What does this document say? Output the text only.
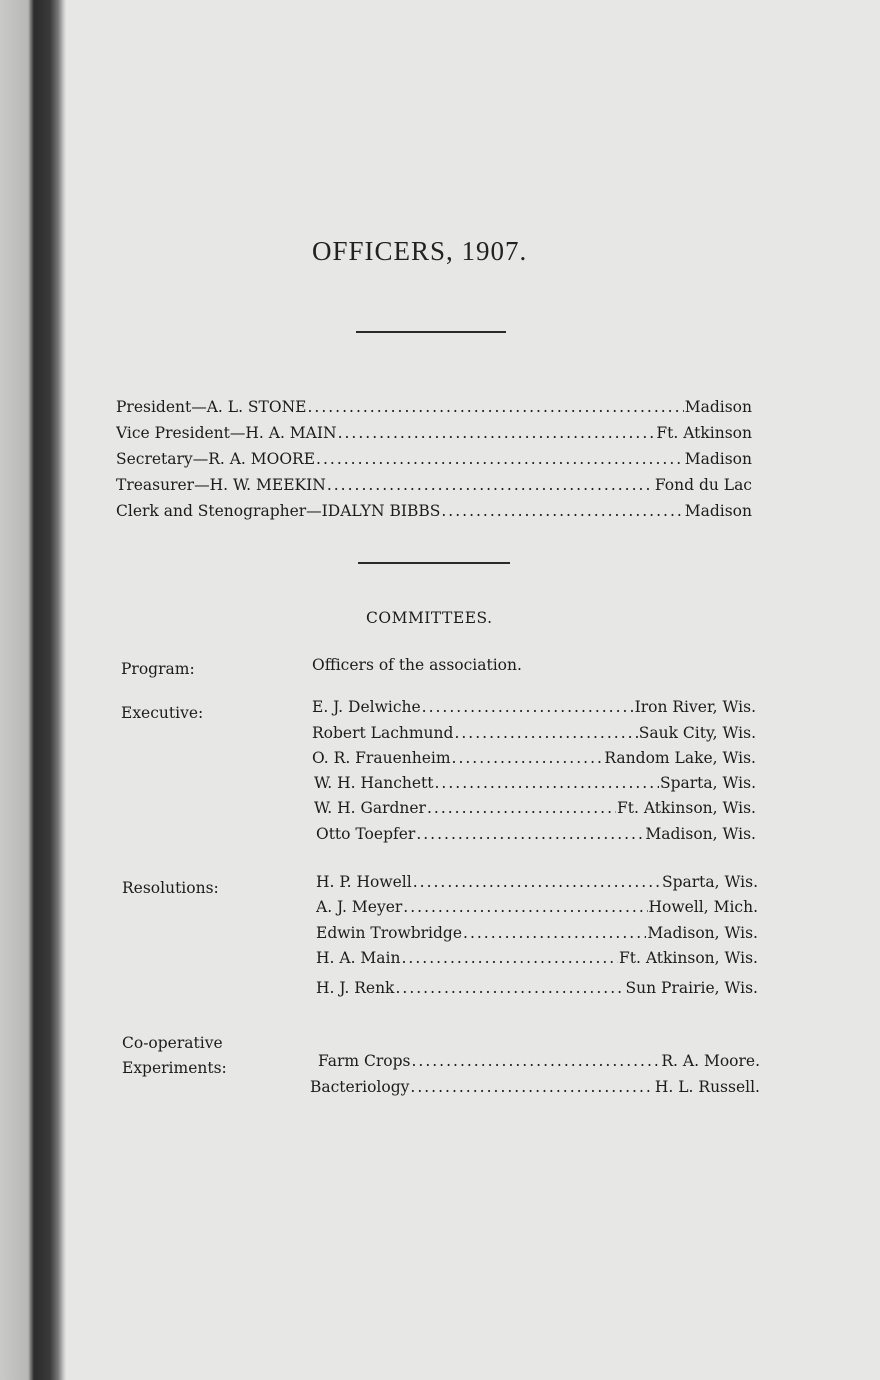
OFFICERS, 1907.
President—A. L. STONE .....	Madison
Vice President—H. A. MAIN .....	Ft. Atkinson
Secretary—R. A. MOORE .....	Madison
Treasurer—H. W. MEEKIN .....	Fond du Lac
Clerk and Stenographer—IDALYN BIBBS .....	Madison
COMMITTEES.
Program:	Officers of the association.
Executive:	E. J. Delwiche .....	Iron River, Wis.
Robert Lachmund .....	Sauk City, Wis.
O. R. Frauenheim .....	Random Lake, Wis.
W. H. Hanchett .....	Sparta, Wis.
W. H. Gardner .....	Ft. Atkinson, Wis.
Otto Toepfer .....	Madison, Wis.
Resolutions:	H. P. Howell .....	Sparta, Wis.
A. J. Meyer .....	Howell, Mich.
Edwin Trowbridge .....	Madison, Wis.
H. A. Main .....	Ft. Atkinson, Wis.
H. J. Renk .....	Sun Prairie, Wis.
Co-operative
Experiments:	Farm Crops .....	R. A. Moore.
Bacteriology .....	H. L. Russell.
